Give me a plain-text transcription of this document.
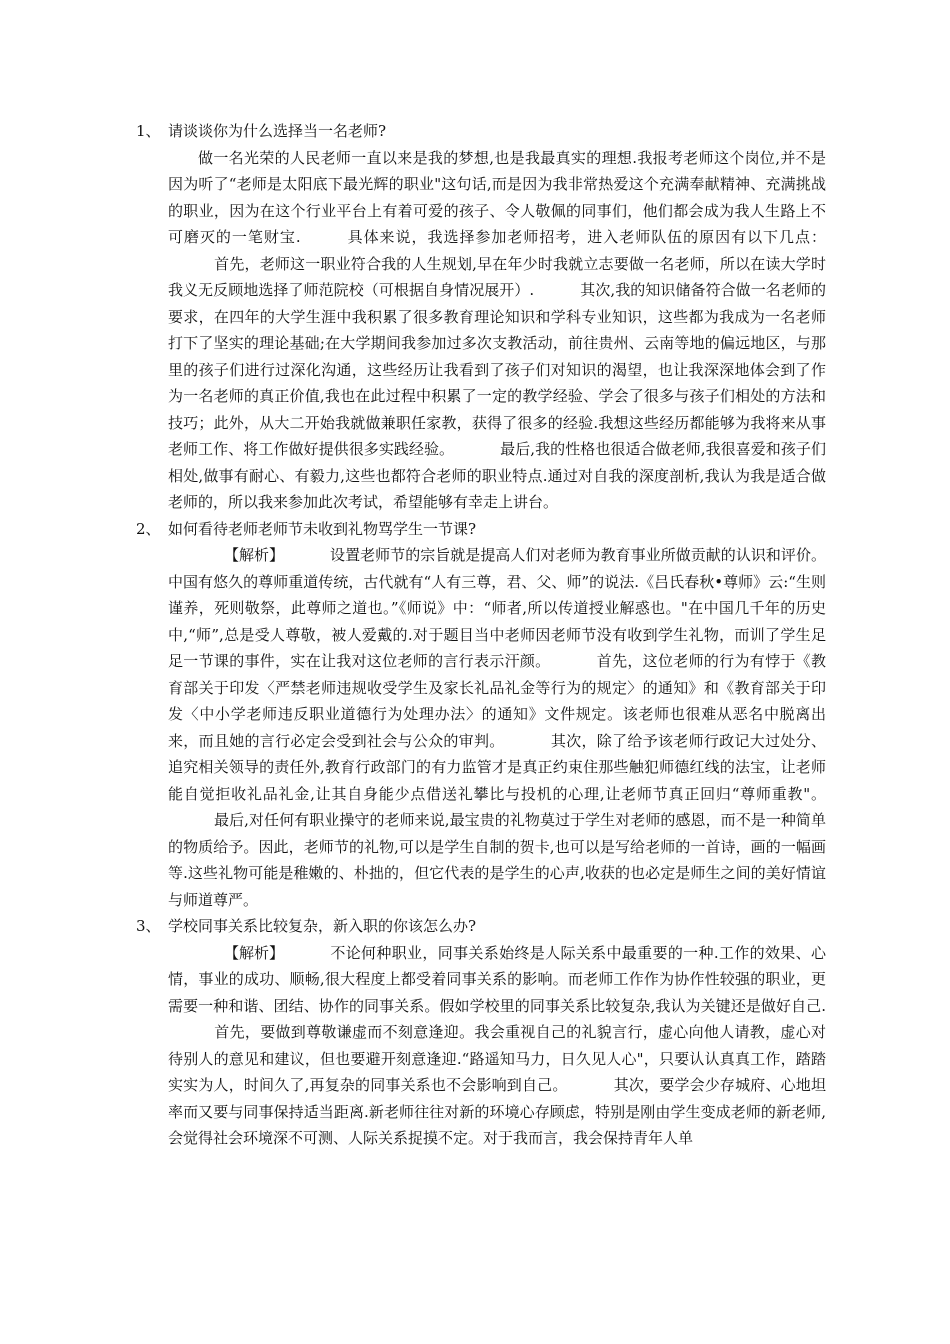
1、 请谈谈你为什么选择当一名老师?

做一名光荣的人民老师一直以来是我的梦想,也是我最真实的理想.我报考老师这个岗位,并不是因为听了“老师是太阳底下最光辉的职业"这句话,而是因为我非常热爱这个充满奉献精神、充满挑战的职业，因为在这个行业平台上有着可爱的孩子、令人敬佩的同事们，他们都会成为我人生路上不可磨灭的一笔财宝.	具体来说，我选择参加老师招考，进入老师队伍的原因有以下几点：首先，老师这一职业符合我的人生规划,早在年少时我就立志要做一名老师，所以在读大学时我义无反顾地选择了师范院校（可根据自身情况展开）.	其次,我的知识储备符合做一名老师的要求，在四年的大学生涯中我积累了很多教育理论知识和学科专业知识，这些都为我成为一名老师打下了坚实的理论基础;在大学期间我参加过多次支教活动，前往贵州、云南等地的偏远地区，与那里的孩子们进行过深化沟通，这些经历让我看到了孩子们对知识的渴望，也让我深深地体会到了作为一名老师的真正价值,我也在此过程中积累了一定的教学经验、学会了很多与孩子们相处的方法和技巧；此外，从大二开始我就做兼职任家教，获得了很多的经验.我想这些经历都能够为我将来从事老师工作、将工作做好提供很多实践经验。	最后,我的性格也很适合做老师,我很喜爱和孩子们相处,做事有耐心、有毅力,这些也都符合老师的职业特点.通过对自我的深度剖析,我认为我是适合做老师的，所以我来参加此次考试，希望能够有幸走上讲台。

2、 如何看待老师老师节未收到礼物骂学生一节课?

【解析】	设置老师节的宗旨就是提高人们对老师为教育事业所做贡献的认识和评价。中国有悠久的尊师重道传统，古代就有“人有三尊，君、父、师”的说法.《吕氏春秋•尊师》云:“生则谨养，死则敬祭，此尊师之道也。”《师说》中：“师者,所以传道授业解惑也。"在中国几千年的历史中,“师”,总是受人尊敬，被人爱戴的.对于题目当中老师因老师节没有收到学生礼物，而训了学生足足一节课的事件，实在让我对这位老师的言行表示汗颜。	首先，这位老师的行为有悖于《教育部关于印发〈严禁老师违规收受学生及家长礼品礼金等行为的规定〉的通知》和《教育部关于印发〈中小学老师违反职业道德行为处理办法〉的通知》文件规定。该老师也很难从恶名中脱离出来，而且她的言行必定会受到社会与公众的审判。	其次，除了给予该老师行政记大过处分、追究相关领导的责任外,教育行政部门的有力监管才是真正约束住那些触犯师德红线的法宝，让老师能自觉拒收礼品礼金,让其自身能少点借送礼攀比与投机的心理,让老师节真正回归“尊师重教"。最后,对任何有职业操守的老师来说,最宝贵的礼物莫过于学生对老师的感恩，而不是一种简单的物质给予。因此，老师节的礼物,可以是学生自制的贺卡,也可以是写给老师的一首诗，画的一幅画等.这些礼物可能是稚嫩的、朴拙的，但它代表的是学生的心声,收获的也必定是师生之间的美好情谊与师道尊严。

3、 学校同事关系比较复杂，新入职的你该怎么办?

【解析】	不论何种职业，同事关系始终是人际关系中最重要的一种.工作的效果、心情，事业的成功、顺畅,很大程度上都受着同事关系的影响。而老师工作作为协作性较强的职业，更需要一种和谐、团结、协作的同事关系。假如学校里的同事关系比较复杂,我认为关键还是做好自己.首先，要做到尊敬谦虚而不刻意逢迎。我会重视自己的礼貌言行，虚心向他人请教，虚心对待别人的意见和建议，但也要避开刻意逢迎.“路遥知马力，日久见人心"，只要认认真真工作，踏踏实实为人，时间久了,再复杂的同事关系也不会影响到自己。	其次，要学会少存城府、心地坦率而又要与同事保持适当距离.新老师往往对新的环境心存顾虑，特别是刚由学生变成老师的新老师,会觉得社会环境深不可测、人际关系捉摸不定。对于我而言，我会保持青年人单
